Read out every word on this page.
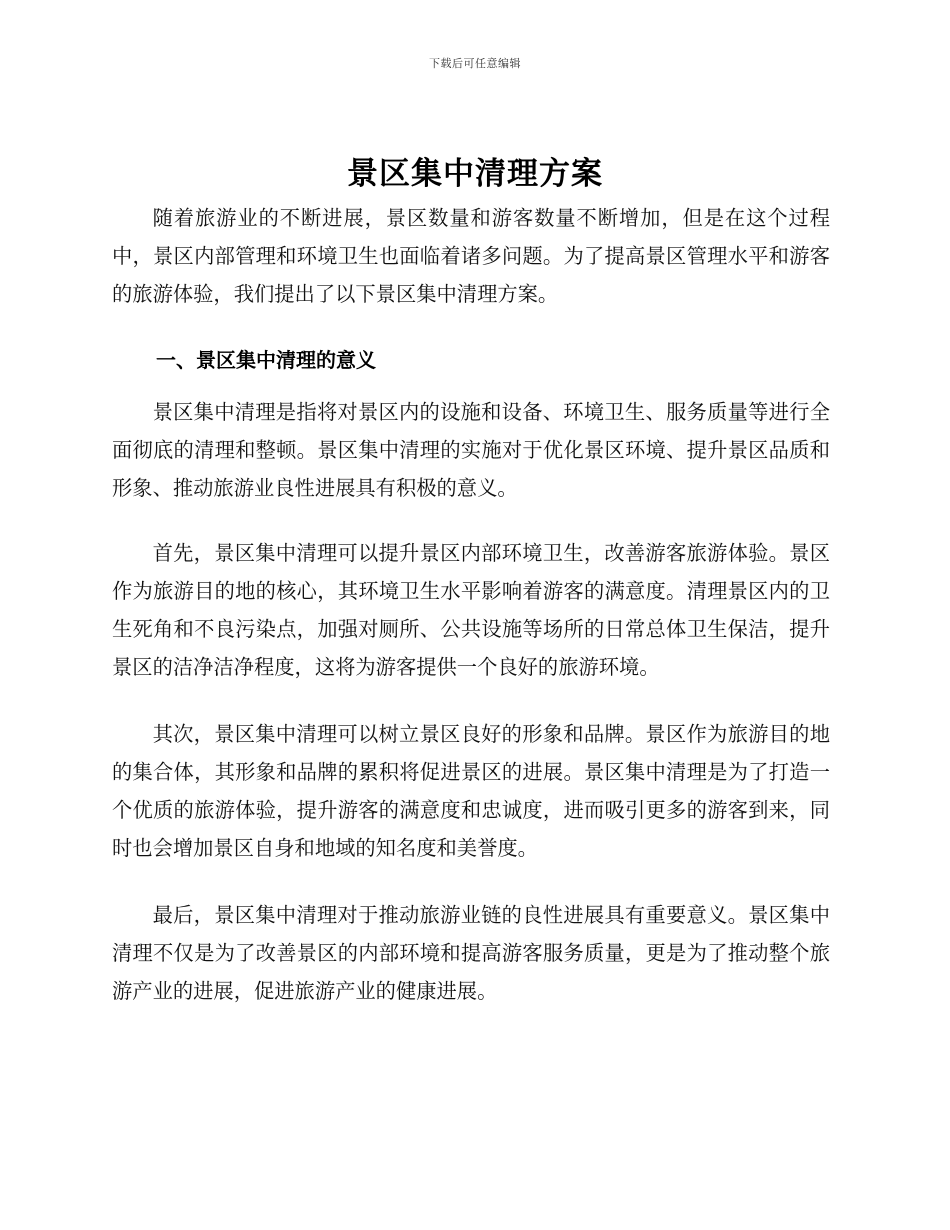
下载后可任意编辑
景区集中清理方案

随着旅游业的不断进展，景区数量和游客数量不断增加，但是在这个过程中，景区内部管理和环境卫生也面临着诸多问题。为了提高景区管理水平和游客的旅游体验，我们提出了以下景区集中清理方案。

一、景区集中清理的意义

景区集中清理是指将对景区内的设施和设备、环境卫生、服务质量等进行全面彻底的清理和整顿。景区集中清理的实施对于优化景区环境、提升景区品质和形象、推动旅游业良性进展具有积极的意义。

首先，景区集中清理可以提升景区内部环境卫生，改善游客旅游体验。景区作为旅游目的地的核心，其环境卫生水平影响着游客的满意度。清理景区内的卫生死角和不良污染点，加强对厕所、公共设施等场所的日常总体卫生保洁，提升景区的洁净洁净程度，这将为游客提供一个良好的旅游环境。

其次，景区集中清理可以树立景区良好的形象和品牌。景区作为旅游目的地的集合体，其形象和品牌的累积将促进景区的进展。景区集中清理是为了打造一个优质的旅游体验，提升游客的满意度和忠诚度，进而吸引更多的游客到来，同时也会增加景区自身和地域的知名度和美誉度。

最后，景区集中清理对于推动旅游业链的良性进展具有重要意义。景区集中清理不仅是为了改善景区的内部环境和提高游客服务质量，更是为了推动整个旅游产业的进展，促进旅游产业的健康进展。
